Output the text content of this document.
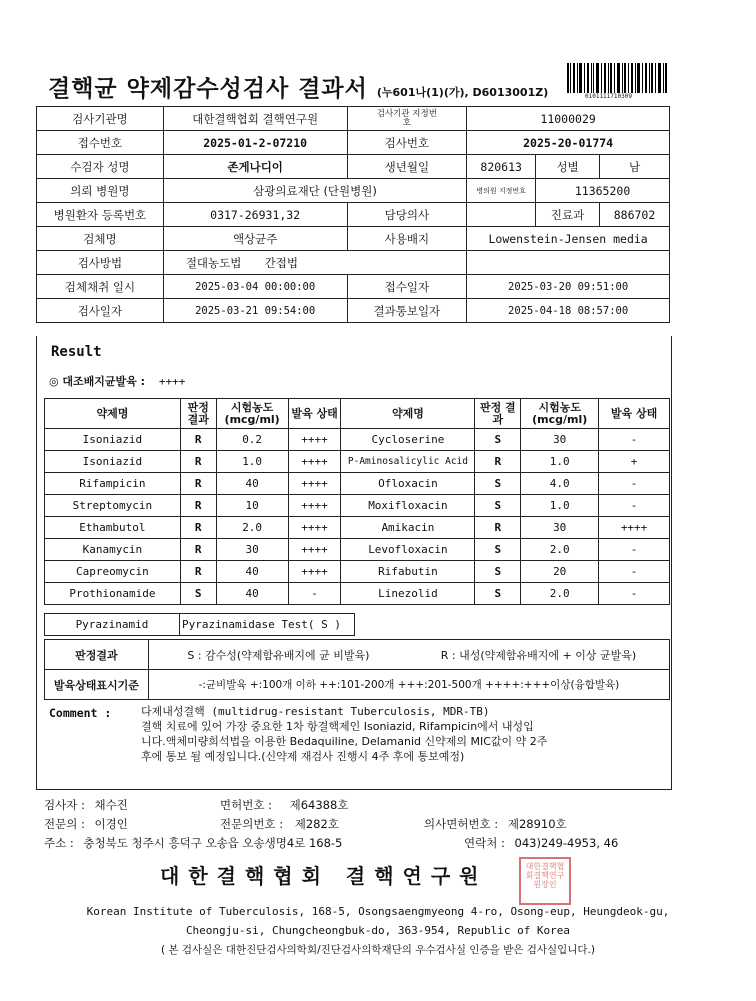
결핵균 약제감수성검사 결과서 (누601나(1)(가), D6013001Z)	0101111710309
검사기관명	대한결핵협회 결핵연구원	검사기관 지정번호	11000029		
접수번호	2025-01-2-07210	검사번호	2025-20-01774		
수검자 성명	존게나디이	생년월일	820613	성별	남
의뢰 병원명	삼광의료재단 (단원병원)		병의원 지정번호	11365200	
병원환자 등록번호	0317-26931,32	담당의사		진료과	886702
검체명	액상균주	사용배지	Lowenstein-Jensen media		
검사방법	절대농도법 간접법				
검체채취 일시	2025-03-04 00:00:00	접수일자	2025-03-20 09:51:00		
검사일자	2025-03-21 09:54:00	결과통보일자	2025-04-18 08:57:00		
Result
◎ 대조배지균발육 : ++++
약제명	판정 결과	시험농도 (mcg/ml)	발육 상태	약제명	판정 결과	시험농도 (mcg/ml)	발육 상태
Isoniazid	R	0.2	++++	Cycloserine	S	30	-
Isoniazid	R	1.0	++++	P-Aminosalicylic Acid	R	1.0	+
Rifampicin	R	40	++++	Ofloxacin	S	4.0	-
Streptomycin	R	10	++++	Moxifloxacin	S	1.0	-
Ethambutol	R	2.0	++++	Amikacin	R	30	++++
Kanamycin	R	30	++++	Levofloxacin	S	2.0	-
Capreomycin	R	40	++++	Rifabutin	S	20	-
Prothionamide	S	40	-	Linezolid	S	2.0	-
Pyrazinamid	Pyrazinamidase Test( S )
판정결과	S : 감수성(약제함유배지에 균 비발육)	R : 내성(약제함유배지에 + 이상 균발육)
발육상태표시기준	-:균비발육 +:100개 이하 ++:101-200개 +++:201-500개 ++++:+++이상(융합발육)	
Comment :	다제내성결핵 (multidrug-resistant Tuberculosis, MDR-TB)
결핵 치료에 있어 가장 중요한 1차 항결핵제인 Isoniazid, Rifampicin에서 내성입
니다.액체미량희석법을 이용한 Bedaquiline, Delamanid 신약제의 MIC값이 약 2주
후에 통보 될 예정입니다.(신약제 재검사 진행시 4주 후에 통보예정)
검사자 : 채수진	면허번호 : 제64388호
전문의 : 이경인	전문의번호 : 제282호	의사면허번호 : 제28910호
주소 : 충청북도 청주시 흥덕구 오송읍 오송생명4로 168-5	연락처 : 043)249-4953, 46
대한결핵협회 결핵연구원	대한결핵협회결핵연구원장인
Korean Institute of Tuberculosis, 168-5, Osongsaengmyeong 4-ro, Osong-eup, Heungdeok-gu,
Cheongju-si, Chungcheongbuk-do, 363-954, Republic of Korea
( 본 검사실은 대한진단검사의학회/진단검사의학재단의 우수검사실 인증을 받은 검사실입니다.)
